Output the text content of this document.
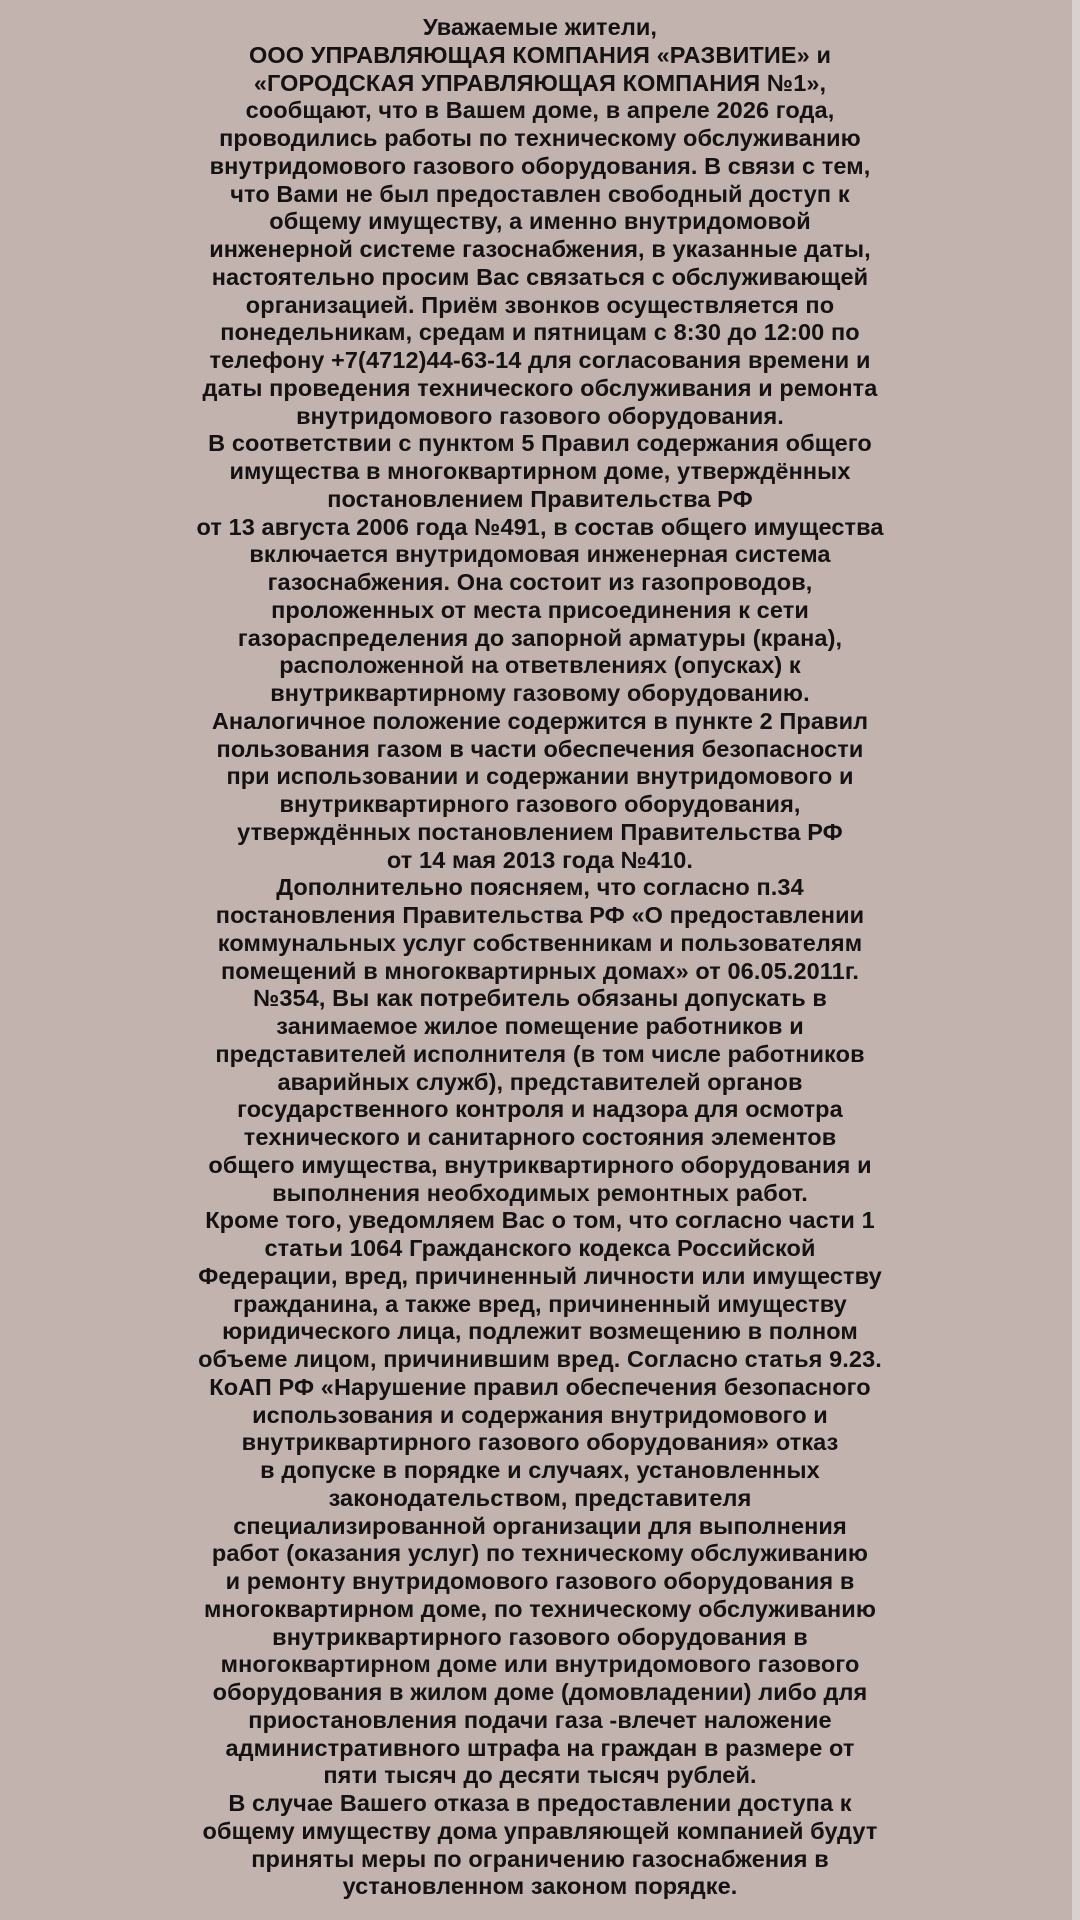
Уважаемые жители,
ООО УПРАВЛЯЮЩАЯ КОМПАНИЯ «РАЗВИТИЕ» и
«ГОРОДСКАЯ УПРАВЛЯЮЩАЯ КОМПАНИЯ №1»,
сообщают, что в Вашем доме, в апреле 2026 года,
проводились работы по техническому обслуживанию
внутридомового газового оборудования. В связи с тем,
что Вами не был предоставлен свободный доступ к
общему имуществу, а именно внутридомовой
инженерной системе газоснабжения, в указанные даты,
настоятельно просим Вас связаться с обслуживающей
организацией. Приём звонков осуществляется по
понедельникам, средам и пятницам с 8:30 до 12:00 по
телефону +7(4712)44-63-14 для согласования времени и
даты проведения технического обслуживания и ремонта
внутридомового газового оборудования.
В соответствии с пунктом 5 Правил содержания общего
имущества в многоквартирном доме, утверждённых
постановлением Правительства РФ
от 13 августа 2006 года №491, в состав общего имущества
включается внутридомовая инженерная система
газоснабжения. Она состоит из газопроводов,
проложенных от места присоединения к сети
газораспределения до запорной арматуры (крана),
расположенной на ответвлениях (опусках) к
внутриквартирному газовому оборудованию.
Аналогичное положение содержится в пункте 2 Правил
пользования газом в части обеспечения безопасности
при использовании и содержании внутридомового и
внутриквартирного газового оборудования,
утверждённых постановлением Правительства РФ
от 14 мая 2013 года №410.
Дополнительно поясняем, что согласно п.34
постановления Правительства РФ «О предоставлении
коммунальных услуг собственникам и пользователям
помещений в многоквартирных домах» от 06.05.2011г.
№354, Вы как потребитель обязаны допускать в
занимаемое жилое помещение работников и
представителей исполнителя (в том числе работников
аварийных служб), представителей органов
государственного контроля и надзора для осмотра
технического и санитарного состояния элементов
общего имущества, внутриквартирного оборудования и
выполнения необходимых ремонтных работ.
Кроме того, уведомляем Вас о том, что согласно части 1
статьи 1064 Гражданского кодекса Российской
Федерации, вред, причиненный личности или имуществу
гражданина, а также вред, причиненный имуществу
юридического лица, подлежит возмещению в полном
объеме лицом, причинившим вред. Согласно статья 9.23.
КоАП РФ «Нарушение правил обеспечения безопасного
использования и содержания внутридомового и
внутриквартирного газового оборудования» отказ
в допуске в порядке и случаях, установленных
законодательством, представителя
специализированной организации для выполнения
работ (оказания услуг) по техническому обслуживанию
и ремонту внутридомового газового оборудования в
многоквартирном доме, по техническому обслуживанию
внутриквартирного газового оборудования в
многоквартирном доме или внутридомового газового
оборудования в жилом доме (домовладении) либо для
приостановления подачи газа -влечет наложение
административного штрафа на граждан в размере от
пяти тысяч до десяти тысяч рублей.
В случае Вашего отказа в предоставлении доступа к
общему имуществу дома управляющей компанией будут
приняты меры по ограничению газоснабжения в
установленном законом порядке.
